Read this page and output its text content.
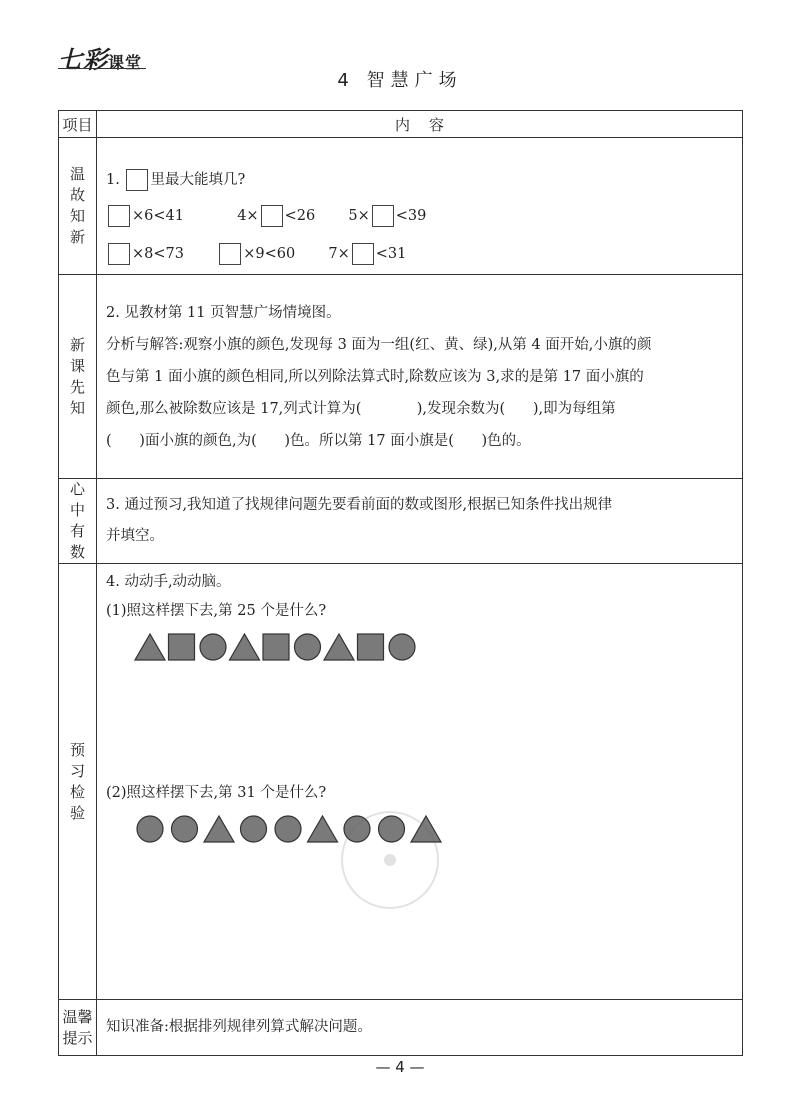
七彩课堂
4 智慧广场
项目	内    容
温故知新	1. 里最大能填几?
×6<41 4× <26 5× <39
×8<73 ×9<60 7× <31

新课先知	2. 见教材第 11 页智慧广场情境图。
分析与解答:观察小旗的颜色,发现每 3 面为一组(红、黄、绿),从第 4 面开始,小旗的颜
色与第 1 面小旗的颜色相同,所以列除法算式时,除数应该为 3,求的是第 17 面小旗的
颜色,那么被除数应该是 17,列式计算为(            ),发现余数为(      ),即为每组第
(      )面小旗的颜色,为(      )色。所以第 17 面小旗是(      )色的。

心中有数	3. 通过预习,我知道了找规律问题先要看前面的数或图形,根据已知条件找出规律
并填空。

预习检验	4. 动动手,动动脑。
(1)照这样摆下去,第 25 个是什么?
(2)照这样摆下去,第 31 个是什么?

温馨提示	知识准备:根据排列规律列算式解决问题。
— 4 —
